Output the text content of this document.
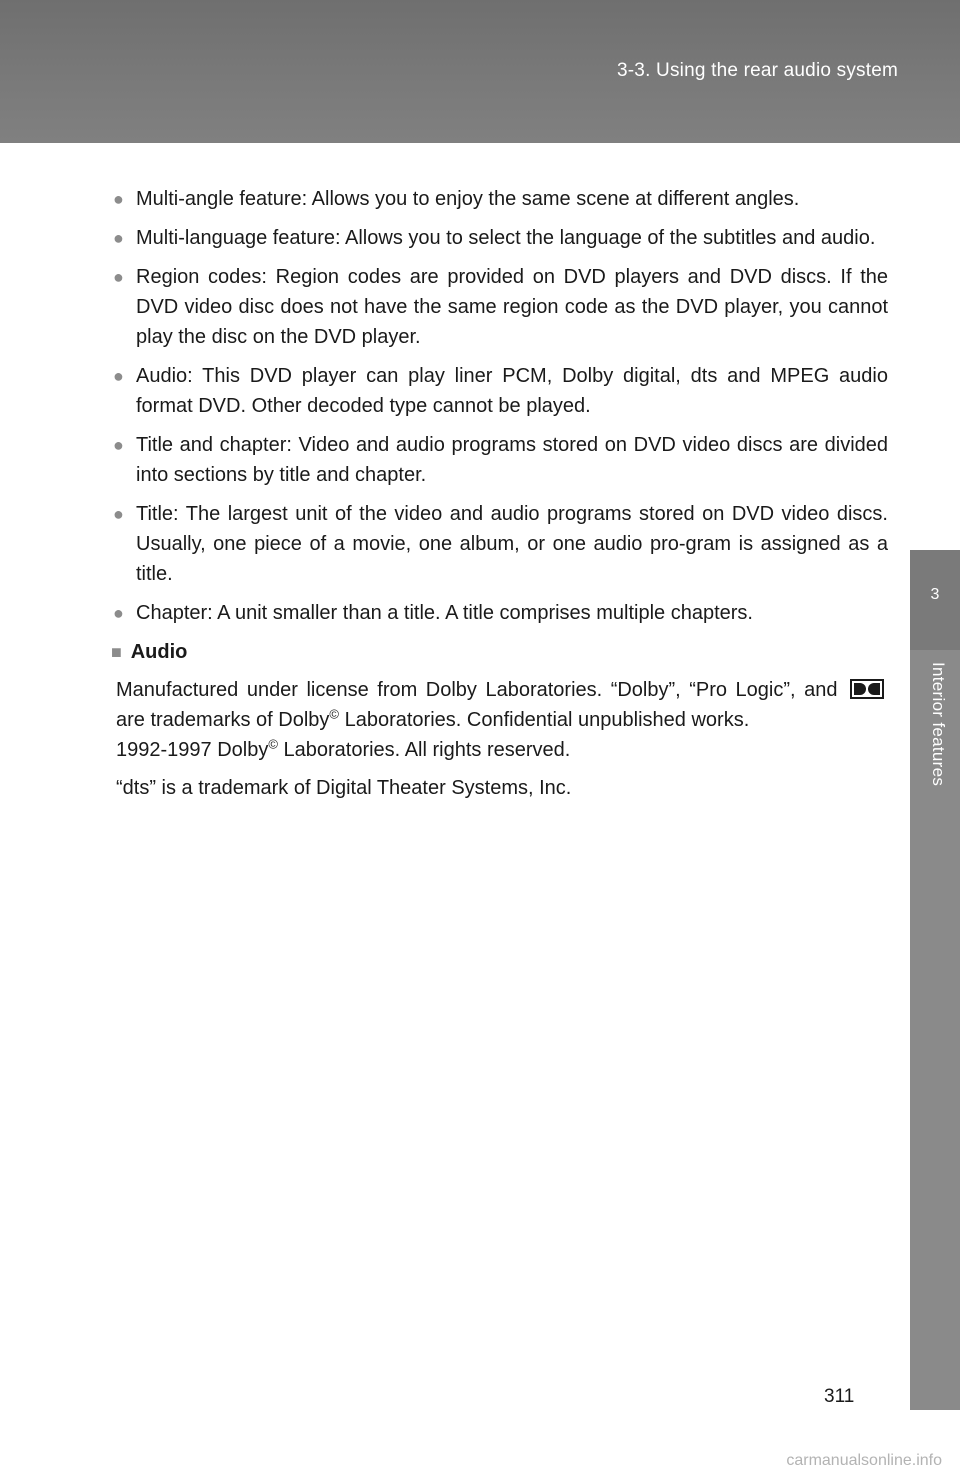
3-3. Using the rear audio system
3
Interior features
● Multi-angle feature: Allows you to enjoy the same scene at different angles.
● Multi-language feature: Allows you to select the language of the subtitles and audio.
● Region codes: Region codes are provided on DVD players and DVD discs. If the DVD video disc does not have the same region code as the DVD player, you cannot play the disc on the DVD player.
● Audio: This DVD player can play liner PCM, Dolby digital, dts and MPEG audio format DVD. Other decoded type cannot be played.
● Title and chapter: Video and audio programs stored on DVD video discs are divided into sections by title and chapter.
● Title: The largest unit of the video and audio programs stored on DVD video discs. Usually, one piece of a movie, one album, or one audio pro-gram is assigned as a title.
● Chapter: A unit smaller than a title. A title comprises multiple chapters.
■ Audio
Manufactured under license from Dolby Laboratories. “Dolby”, “Pro Logic”, and  are trademarks of Dolby© Laboratories. Confidential unpublished works.
1992-1997 Dolby© Laboratories. All rights reserved.
“dts” is a trademark of Digital Theater Systems, Inc.
311
carmanualsonline.info
